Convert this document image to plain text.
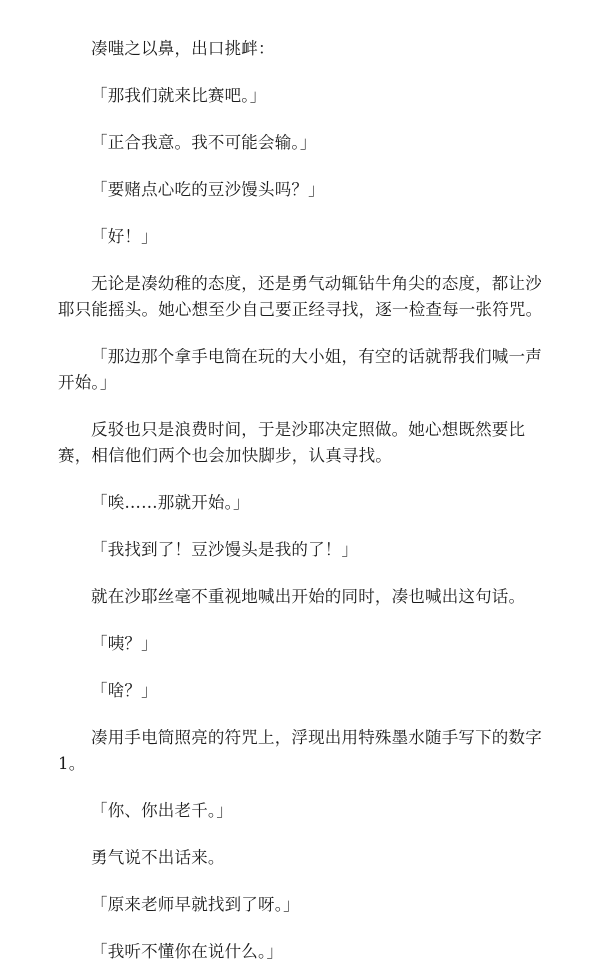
凑嗤之以鼻，出口挑衅：

「那我们就来比赛吧。」

「正合我意。我不可能会输。」

「要赌点心吃的豆沙馒头吗？」

「好！」

无论是凑幼稚的态度，还是勇气动辄钻牛角尖的态度，都让沙耶只能摇头。她心想至少自己要正经寻找，逐一检查每一张符咒。

「那边那个拿手电筒在玩的大小姐，有空的话就帮我们喊一声开始。」

反驳也只是浪费时间，于是沙耶决定照做。她心想既然要比赛，相信他们两个也会加快脚步，认真寻找。

「唉……那就开始。」

「我找到了！豆沙馒头是我的了！」

就在沙耶丝毫不重视地喊出开始的同时，凑也喊出这句话。

「咦？」

「啥？」

凑用手电筒照亮的符咒上，浮现出用特殊墨水随手写下的数字1。

「你、你出老千。」

勇气说不出话来。

「原来老师早就找到了呀。」

「我听不懂你在说什么。」
